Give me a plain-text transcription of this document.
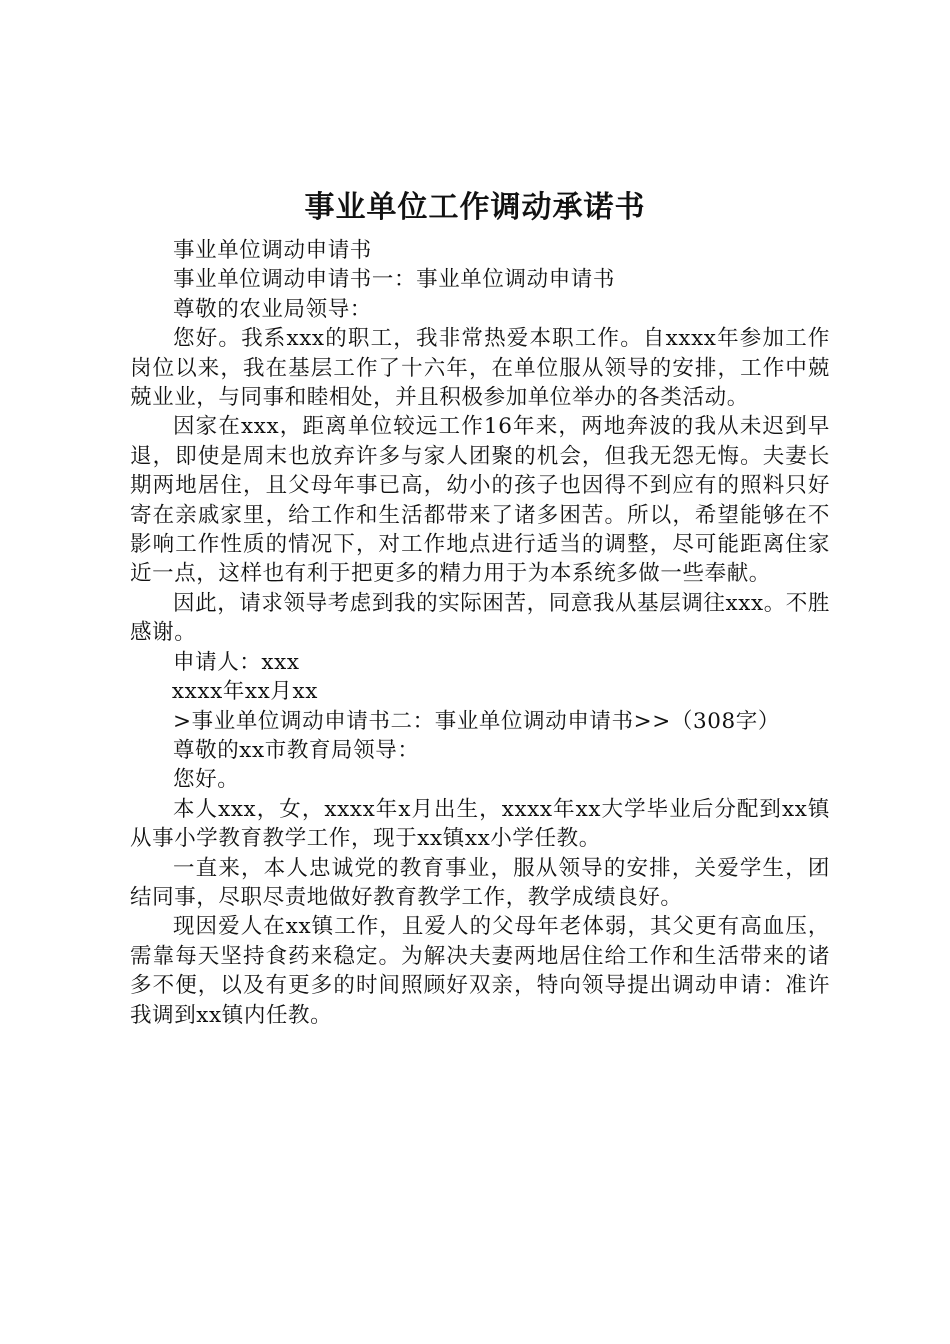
事业单位工作调动承诺书

事业单位调动申请书

事业单位调动申请书一：事业单位调动申请书

尊敬的农业局领导：

您好。我系xxx的职工，我非常热爱本职工作。自xxxx年参加工作岗位以来，我在基层工作了十六年，在单位服从领导的安排，工作中兢兢业业，与同事和睦相处，并且积极参加单位举办的各类活动。

因家在xxx，距离单位较远工作16年来，两地奔波的我从未迟到早退，即使是周末也放弃许多与家人团聚的机会，但我无怨无悔。夫妻长期两地居住，且父母年事已高，幼小的孩子也因得不到应有的照料只好寄在亲戚家里，给工作和生活都带来了诸多困苦。所以，希望能够在不影响工作性质的情况下，对工作地点进行适当的调整，尽可能距离住家近一点，这样也有利于把更多的精力用于为本系统多做一些奉献。

因此，请求领导考虑到我的实际困苦，同意我从基层调往xxx。不胜感谢。

申请人：xxx

xxxx年xx月xx

>事业单位调动申请书二：事业单位调动申请书>>（308字）

尊敬的xx市教育局领导：

您好。

本人xxx，女，xxxx年x月出生，xxxx年xx大学毕业后分配到xx镇从事小学教育教学工作，现于xx镇xx小学任教。

一直来，本人忠诚党的教育事业，服从领导的安排，关爱学生，团结同事，尽职尽责地做好教育教学工作，教学成绩良好。

现因爱人在xx镇工作，且爱人的父母年老体弱，其父更有高血压，需靠每天坚持食药来稳定。为解决夫妻两地居住给工作和生活带来的诸多不便，以及有更多的时间照顾好双亲，特向领导提出调动申请：准许我调到xx镇内任教。
